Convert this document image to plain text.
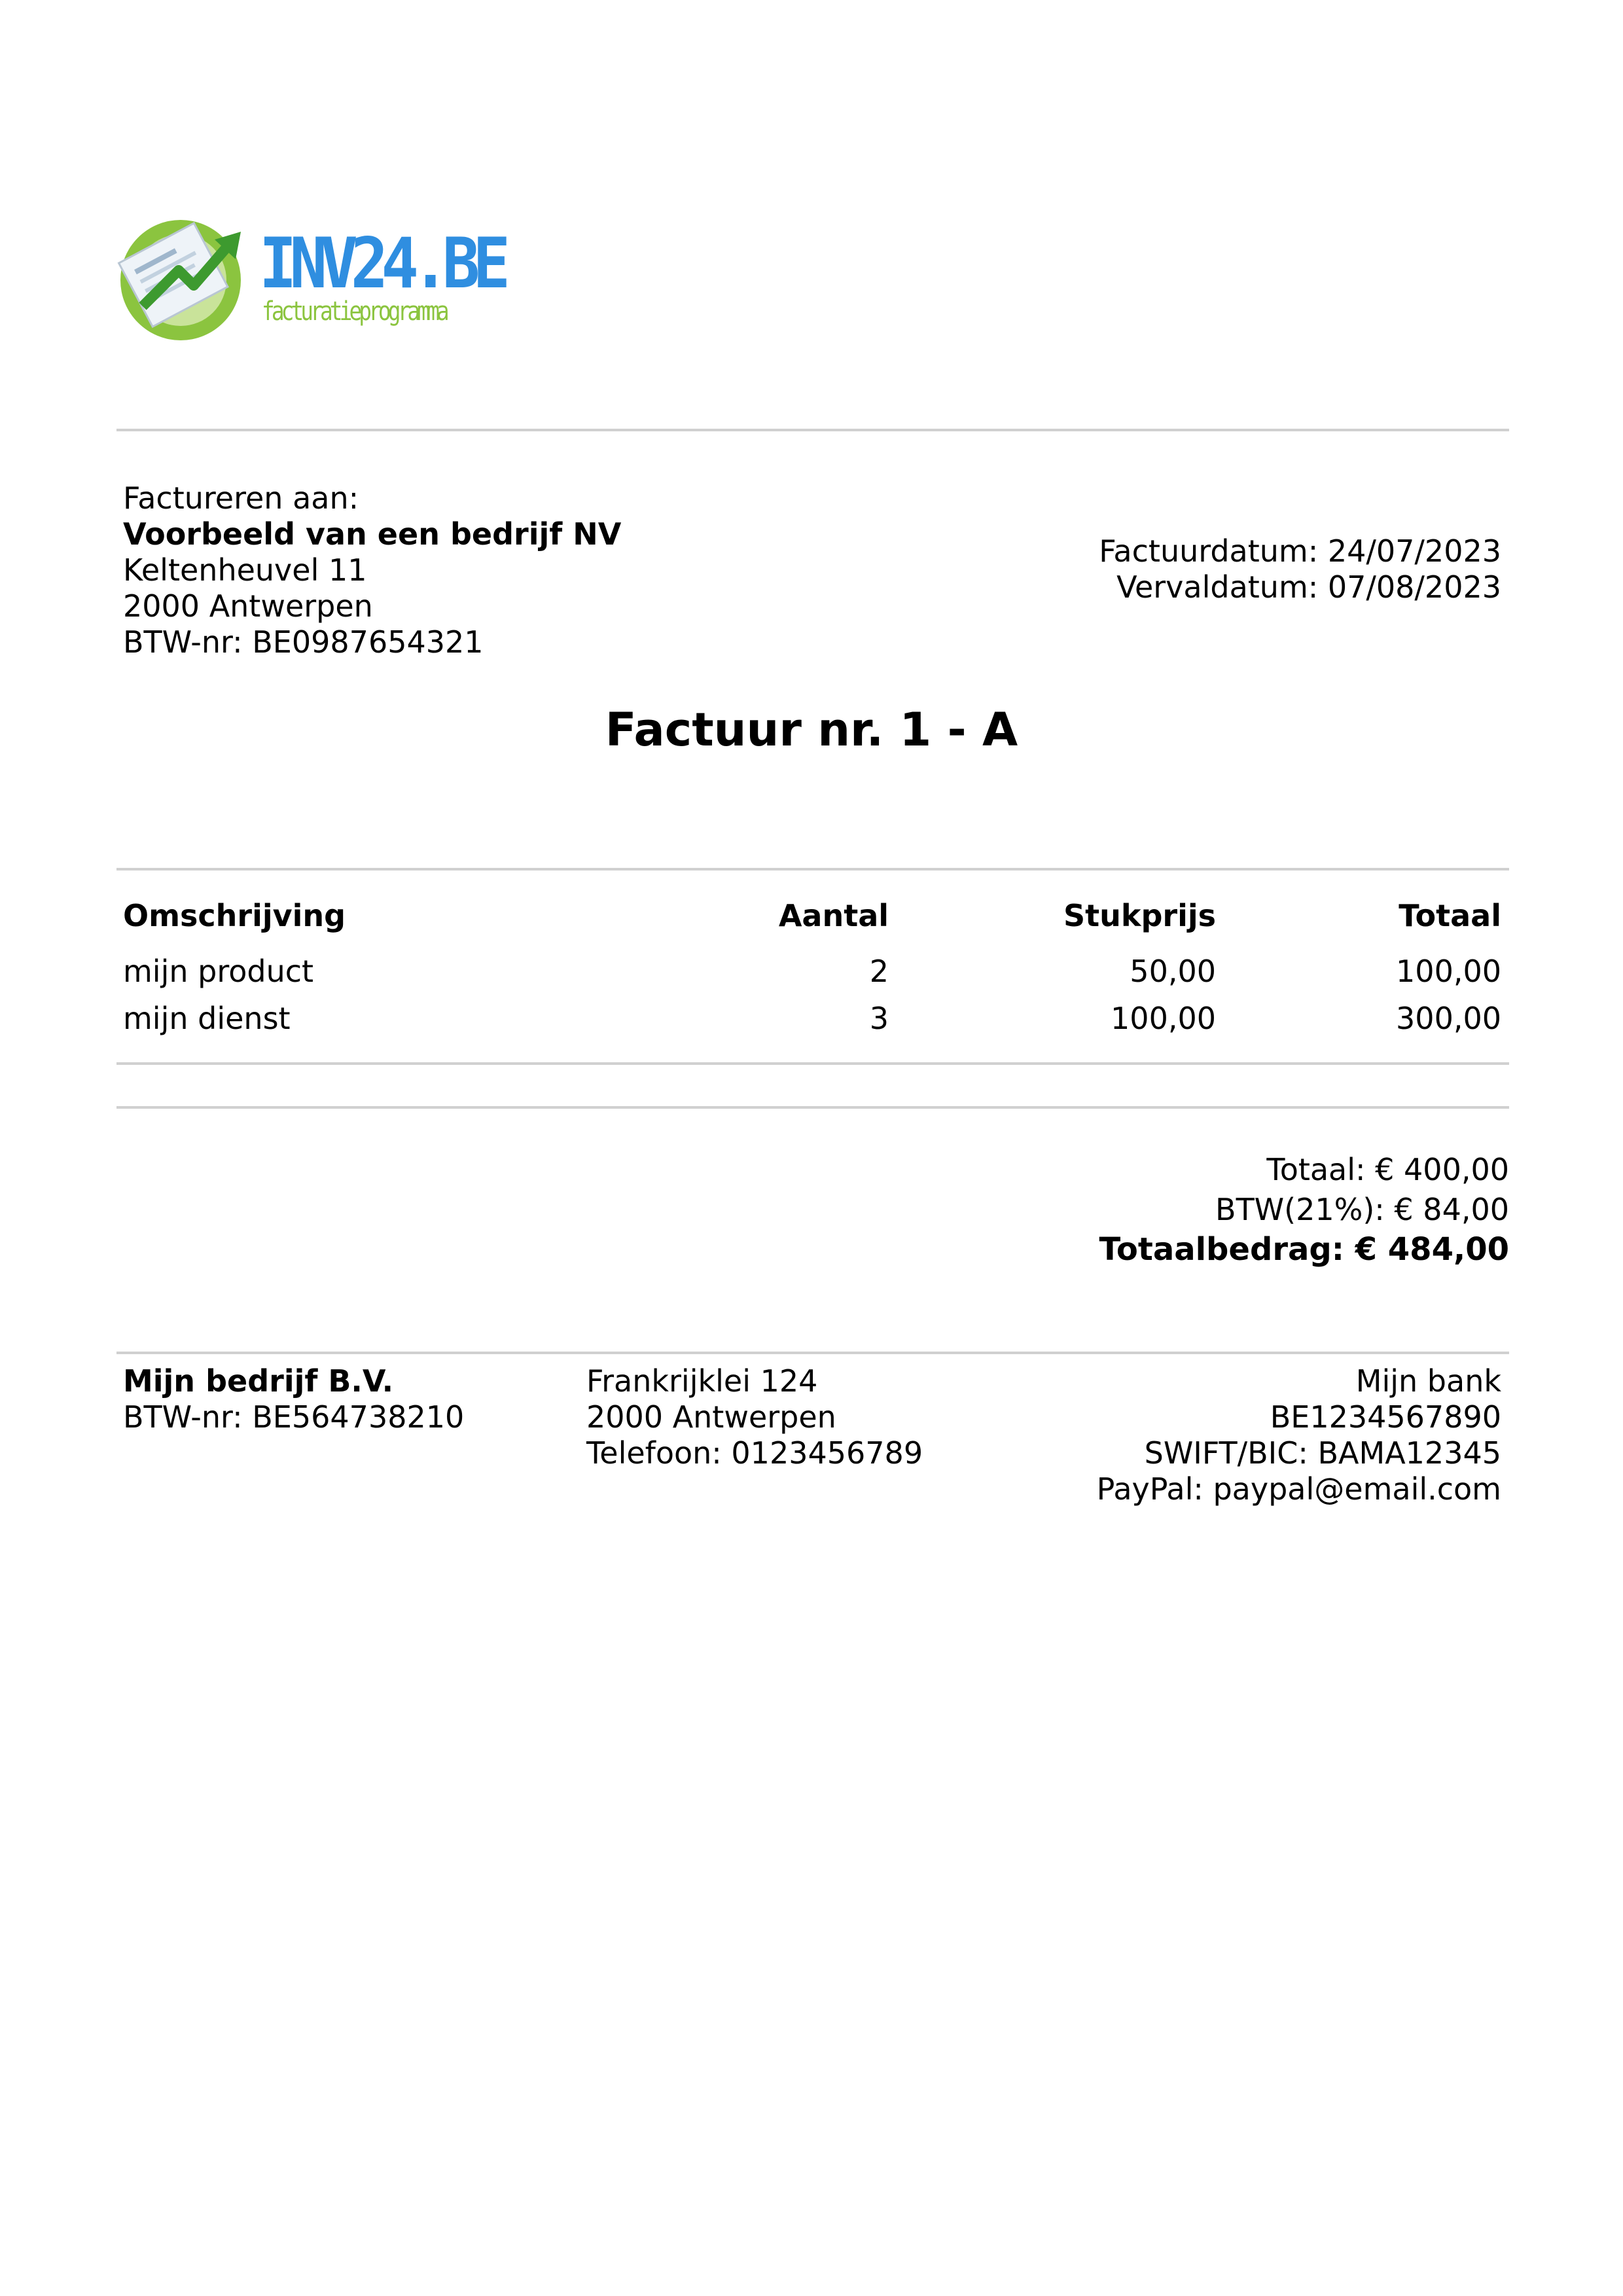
INV24.BE
facturatieprogramma
Factureren aan:
Voorbeeld van een bedrijf NV
Keltenheuvel 11
2000 Antwerpen
BTW-nr: BE0987654321
Factuurdatum: 24/07/2023
Vervaldatum: 07/08/2023
Factuur nr. 1 - A
Omschrijving	Aantal	Stukprijs	Totaal
mijn product	2	50,00	100,00
mijn dienst	3	100,00	300,00
Totaal: € 400,00
BTW(21%): € 84,00
Totaalbedrag: € 484,00
Mijn bedrijf B.V.
BTW-nr: BE564738210
Frankrijklei 124
2000 Antwerpen
Telefoon: 0123456789
Mijn bank
BE1234567890
SWIFT/BIC: BAMA12345
PayPal: paypal@email.com
